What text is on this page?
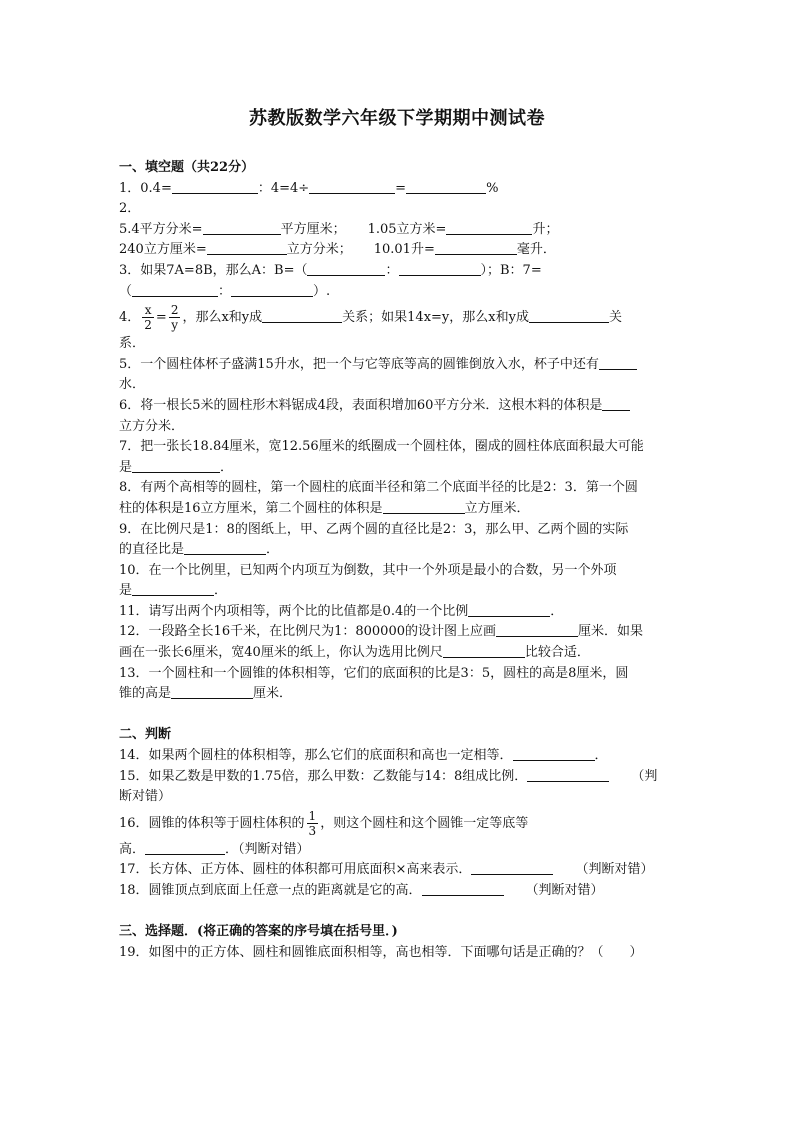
苏教版数学六年级下学期期中测试卷
一、填空题（共22分）
1．0.4=	：4=4÷	=	%
2．
5.4平方分米=	平方厘米； 1.05立方米=	升；
240立方厘米=	立方分米； 10.01升=	毫升．
3．如果7A=8B，那么A：B=（	：	）；B：7=
（	：	）.
4． $\frac{x}{2} = \frac{2}{y}$ ，那么x和y成	关系；如果14x=y，那么x和y成	关
系．
5．一个圆柱体杯子盛满15升水，把一个与它等底等高的圆锥倒放入水，杯子中还有
水．
6．将一根长5米的圆柱形木料锯成4段，表面积增加60平方分米．这根木料的体积是
立方分米．
7．把一张长18.84厘米，宽12.56厘米的纸圈成一个圆柱体，圈成的圆柱体底面积最大可能
是	．
8．有两个高相等的圆柱，第一个圆柱的底面半径和第二个底面半径的比是2：3．第一个圆
柱的体积是16立方厘米，第二个圆柱的体积是	立方厘米．
9．在比例尺是1：8的图纸上，甲、乙两个圆的直径比是2：3，那么甲、乙两个圆的实际
的直径比是	．
10．在一个比例里，已知两个内项互为倒数，其中一个外项是最小的合数，另一个外项
是	．
11．请写出两个内项相等，两个比的比值都是0.4的一个比例	．
12．一段路全长16千米，在比例尺为1：800000的设计图上应画	厘米．如果
画在一张长6厘米，宽40厘米的纸上，你认为选用比例尺	比较合适．
13．一个圆柱和一个圆锥的体积相等，它们的底面积的比是3：5，圆柱的高是8厘米，圆
锥的高是	厘米．
二、判断
14．如果两个圆柱的体积相等，那么它们的底面积和高也一定相等．	．
15．如果乙数是甲数的1.75倍，那么甲数：乙数能与14：8组成比例．	（判
断对错）
16．圆锥的体积等于圆柱体积的 $\frac{1}{3}$ ，则这个圆柱和这个圆锥一定等底等
高．	．（判断对错）
17．长方体、正方体、圆柱的体积都可用底面积×高来表示．	（判断对错）
18．圆锥顶点到底面上任意一点的距离就是它的高．	（判断对错）
三、选择题．(将正确的答案的序号填在括号里．)
19．如图中的正方体、圆柱和圆锥底面积相等，高也相等．下面哪句话是正确的？（　　）
